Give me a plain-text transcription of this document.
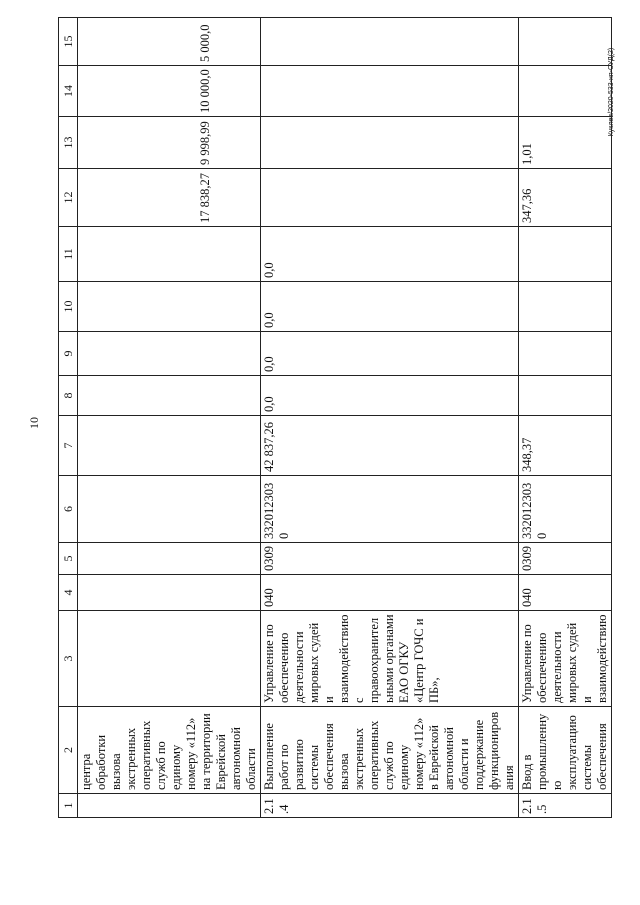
10
Куклев/2020-533-нп-СУД(2)
1	2	3	4	5	6	7	8	9	10	11	12	13	14	15
	центра обработки вызова экстренных оперативных служб по единому номеру «112» на территории Еврейской автономной области										17 838,27	9 998,99	10 000,0	5 000,0
2.1.4	Выполнение работ по развитию системы обеспечения вызова экстренных оперативных служб по единому номеру «112» в Еврейской автономной области и поддержание функционирования	Управление по обеспечению деятельности мировых судей и взаимодействию с правоохранительными органами ЕАО ОГКУ «Центр ГОЧС и ПБ»,	040	0309	3320123030	42 837,26	0,0	0,0	0,0	0,0				
2.1.5	Ввод в промышленную эксплуатацию системы обеспечения	Управление по обеспечению деятельности мировых судей и взаимодействию	040	0309	3320123030	348,37					347,36	1,01		
